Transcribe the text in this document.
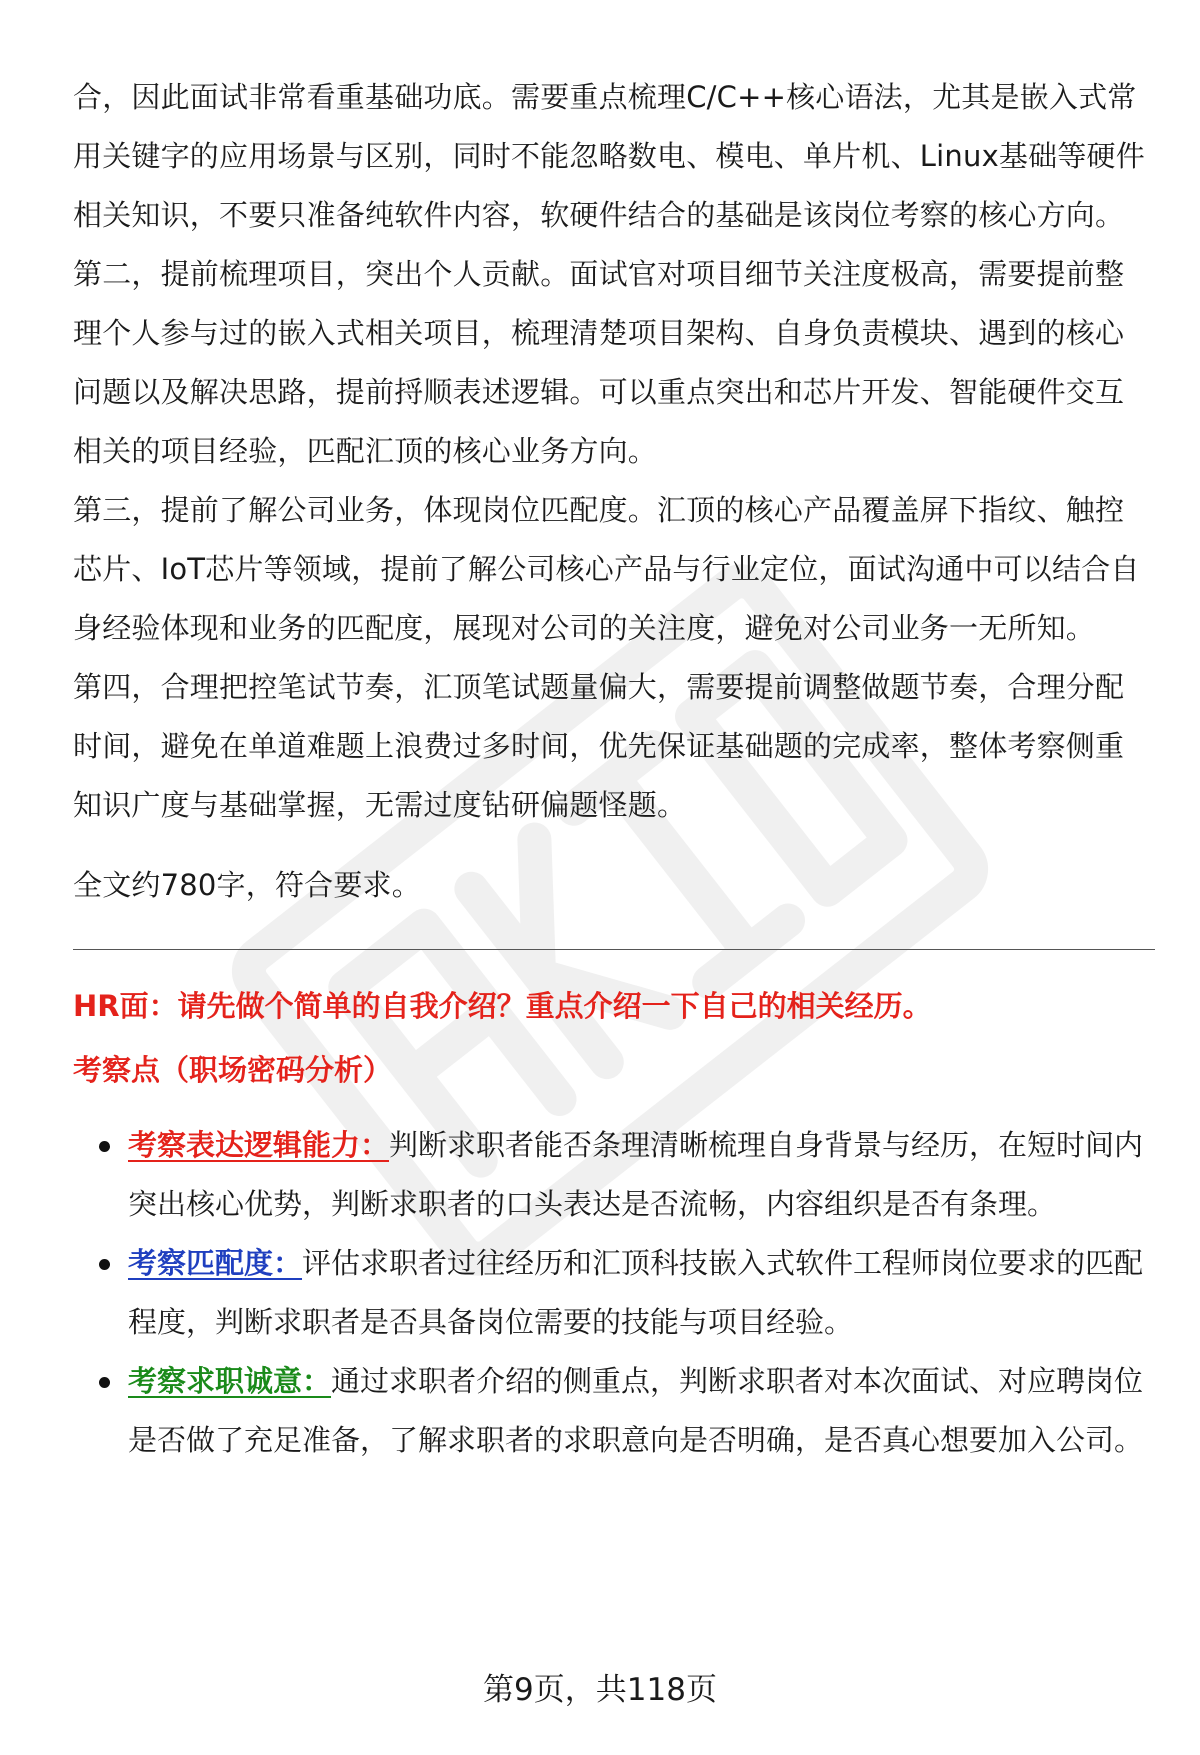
合，因此面试非常看重基础功底。需要重点梳理C/C++核心语法，尤其是嵌入式常用关键字的应用场景与区别，同时不能忽略数电、模电、单片机、Linux基础等硬件相关知识，不要只准备纯软件内容，软硬件结合的基础是该岗位考察的核心方向。

第二，提前梳理项目，突出个人贡献。面试官对项目细节关注度极高，需要提前整理个人参与过的嵌入式相关项目，梳理清楚项目架构、自身负责模块、遇到的核心问题以及解决思路，提前捋顺表述逻辑。可以重点突出和芯片开发、智能硬件交互相关的项目经验，匹配汇顶的核心业务方向。

第三，提前了解公司业务，体现岗位匹配度。汇顶的核心产品覆盖屏下指纹、触控芯片、IoT芯片等领域，提前了解公司核心产品与行业定位，面试沟通中可以结合自身经验体现和业务的匹配度，展现对公司的关注度，避免对公司业务一无所知。

第四，合理把控笔试节奏，汇顶笔试题量偏大，需要提前调整做题节奏，合理分配时间，避免在单道难题上浪费过多时间，优先保证基础题的完成率，整体考察侧重知识广度与基础掌握，无需过度钻研偏题怪题。

全文约780字，符合要求。

HR面：请先做个简单的自我介绍？重点介绍一下自己的相关经历。
考察点（职场密码分析）
考察表达逻辑能力：判断求职者能否条理清晰梳理自身背景与经历，在短时间内突出核心优势，判断求职者的口头表达是否流畅，内容组织是否有条理。
考察匹配度：评估求职者过往经历和汇顶科技嵌入式软件工程师岗位要求的匹配程度，判断求职者是否具备岗位需要的技能与项目经验。
考察求职诚意：通过求职者介绍的侧重点，判断求职者对本次面试、对应聘岗位是否做了充足准备，了解求职者的求职意向是否明确，是否真心想要加入公司。
第9页，共118页
